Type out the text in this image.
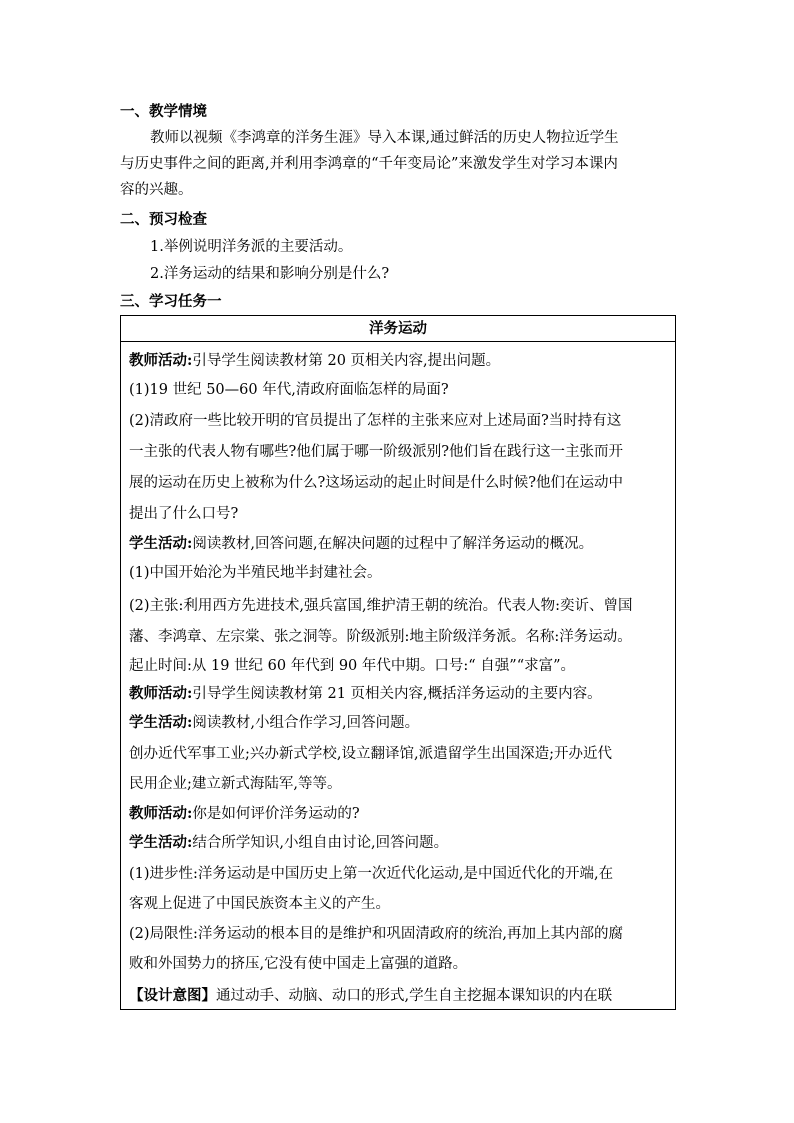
一、教学情境
教师以视频《李鸿章的洋务生涯》导入本课,通过鲜活的历史人物拉近学生
与历史事件之间的距离,并利用李鸿章的“千年变局论”来激发学生对学习本课内
容的兴趣。
二、预习检查
1.举例说明洋务派的主要活动。
2.洋务运动的结果和影响分别是什么?
三、学习任务一
洋务运动
教师活动:引导学生阅读教材第 20 页相关内容,提出问题。
(1)19 世纪 50—60 年代,清政府面临怎样的局面?
(2)清政府一些比较开明的官员提出了怎样的主张来应对上述局面?当时持有这
一主张的代表人物有哪些?他们属于哪一阶级派别?他们旨在践行这一主张而开
展的运动在历史上被称为什么?这场运动的起止时间是什么时候?他们在运动中
提出了什么口号?
学生活动:阅读教材,回答问题,在解决问题的过程中了解洋务运动的概况。
(1)中国开始沦为半殖民地半封建社会。
(2)主张:利用西方先进技术,强兵富国,维护清王朝的统治。代表人物:奕䜣、曾国
藩、李鸿章、左宗棠、张之洞等。阶级派别:地主阶级洋务派。名称:洋务运动。
起止时间:从 19 世纪 60 年代到 90 年代中期。口号:“ 自强”“求富”。
教师活动:引导学生阅读教材第 21 页相关内容,概括洋务运动的主要内容。
学生活动:阅读教材,小组合作学习,回答问题。
创办近代军事工业;兴办新式学校,设立翻译馆,派遣留学生出国深造;开办近代
民用企业;建立新式海陆军,等等。
教师活动:你是如何评价洋务运动的?
学生活动:结合所学知识,小组自由讨论,回答问题。
(1)进步性:洋务运动是中国历史上第一次近代化运动,是中国近代化的开端,在
客观上促进了中国民族资本主义的产生。
(2)局限性:洋务运动的根本目的是维护和巩固清政府的统治,再加上其内部的腐
败和外国势力的挤压,它没有使中国走上富强的道路。
【设计意图】通过动手、动脑、动口的形式,学生自主挖掘本课知识的内在联
